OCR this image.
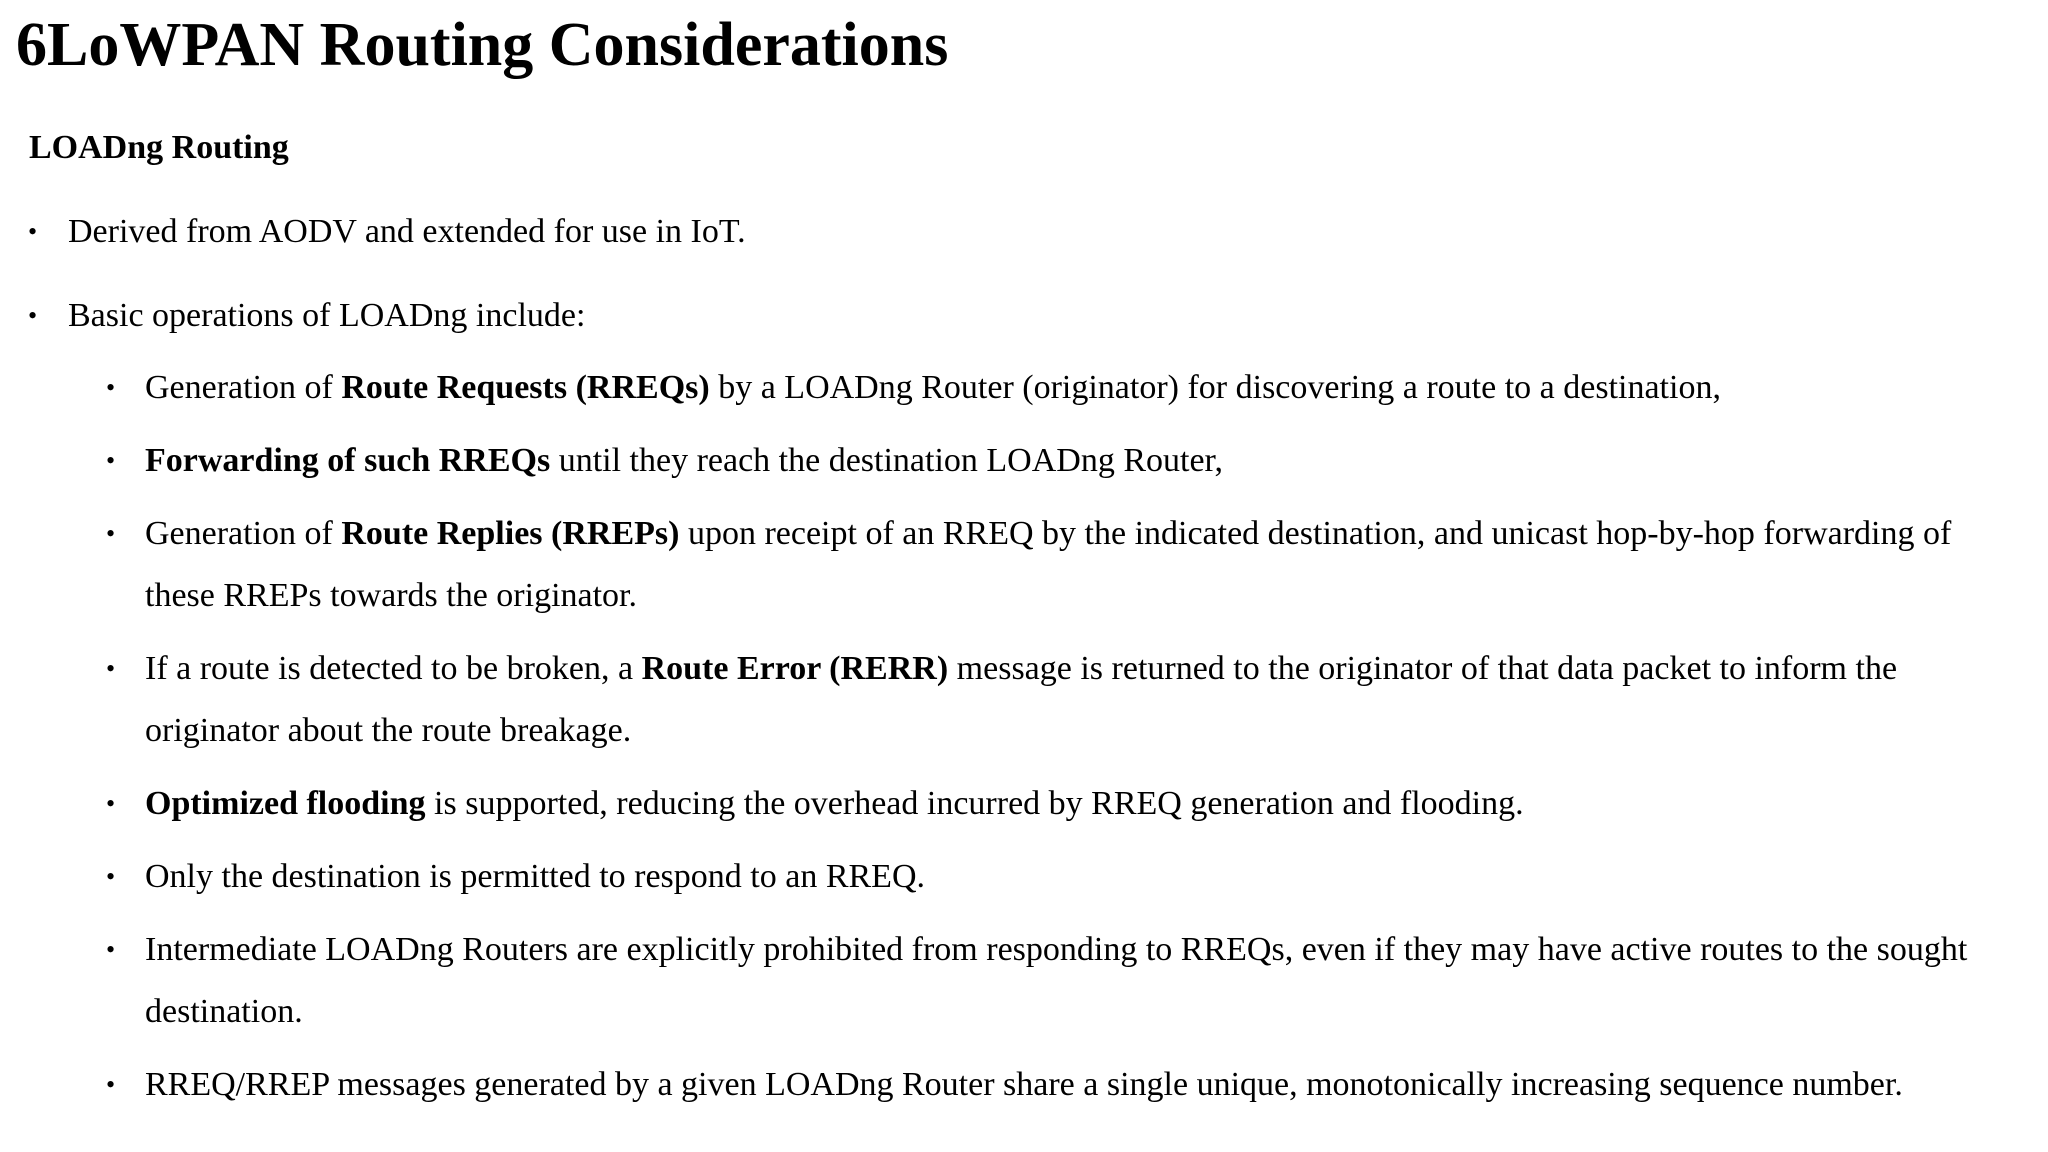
6LoWPAN Routing Considerations
LOADng Routing
• Derived from AODV and extended for use in IoT.
• Basic operations of LOADng include:
• Generation of Route Requests (RREQs) by a LOADng Router (originator) for discovering a route to a destination,
• Forwarding of such RREQs until they reach the destination LOADng Router,
• Generation of Route Replies (RREPs) upon receipt of an RREQ by the indicated destination, and unicast hop-by-hop forwarding of these RREPs towards the originator.
• If a route is detected to be broken, a Route Error (RERR) message is returned to the originator of that data packet to inform the originator about the route breakage.
• Optimized flooding is supported, reducing the overhead incurred by RREQ generation and flooding.
• Only the destination is permitted to respond to an RREQ.
• Intermediate LOADng Routers are explicitly prohibited from responding to RREQs, even if they may have active routes to the sought destination.
• RREQ/RREP messages generated by a given LOADng Router share a single unique, monotonically increasing sequence number.
